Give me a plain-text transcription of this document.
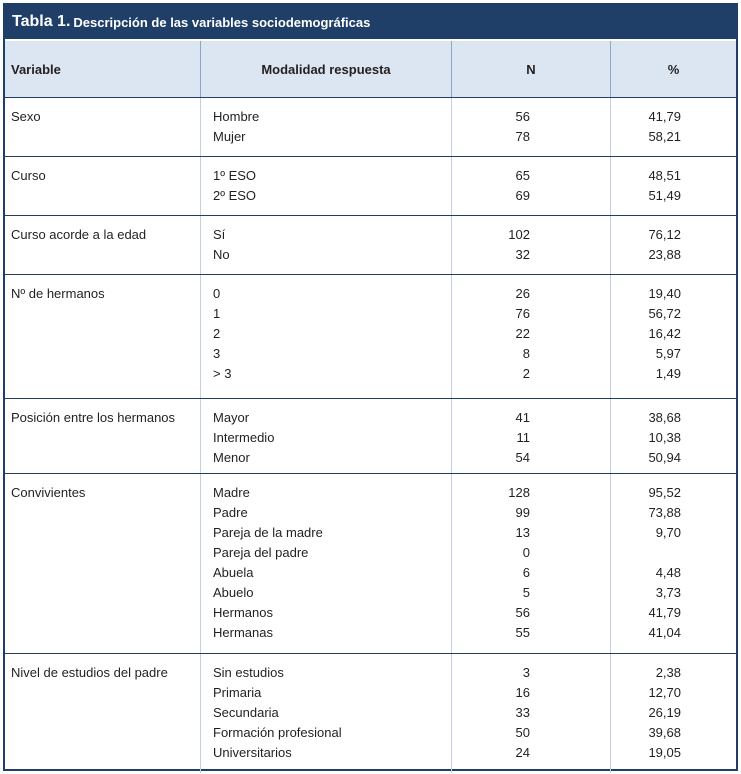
Tabla 1. Descripción de las variables sociodemográficas
Variable	Modalidad respuesta	N	%
Sexo	Hombre	56	41,79
Mujer	78	58,21
Curso	1º ESO	65	48,51
2º ESO	69	51,49
Curso acorde a la edad	Sí	102	76,12
No	32	23,88
Nº de hermanos	0	26	19,40
1	76	56,72
2	22	16,42
3	8	5,97
> 3	2	1,49
Posición entre los hermanos	Mayor	41	38,68
Intermedio	11	10,38
Menor	54	50,94
Convivientes	Madre	128	95,52
Padre	99	73,88
Pareja de la madre	13	9,70
Pareja del padre	0
Abuela	6	4,48
Abuelo	5	3,73
Hermanos	56	41,79
Hermanas	55	41,04
Nivel de estudios del padre	Sin estudios	3	2,38
Primaria	16	12,70
Secundaria	33	26,19
Formación profesional	50	39,68
Universitarios	24	19,05
